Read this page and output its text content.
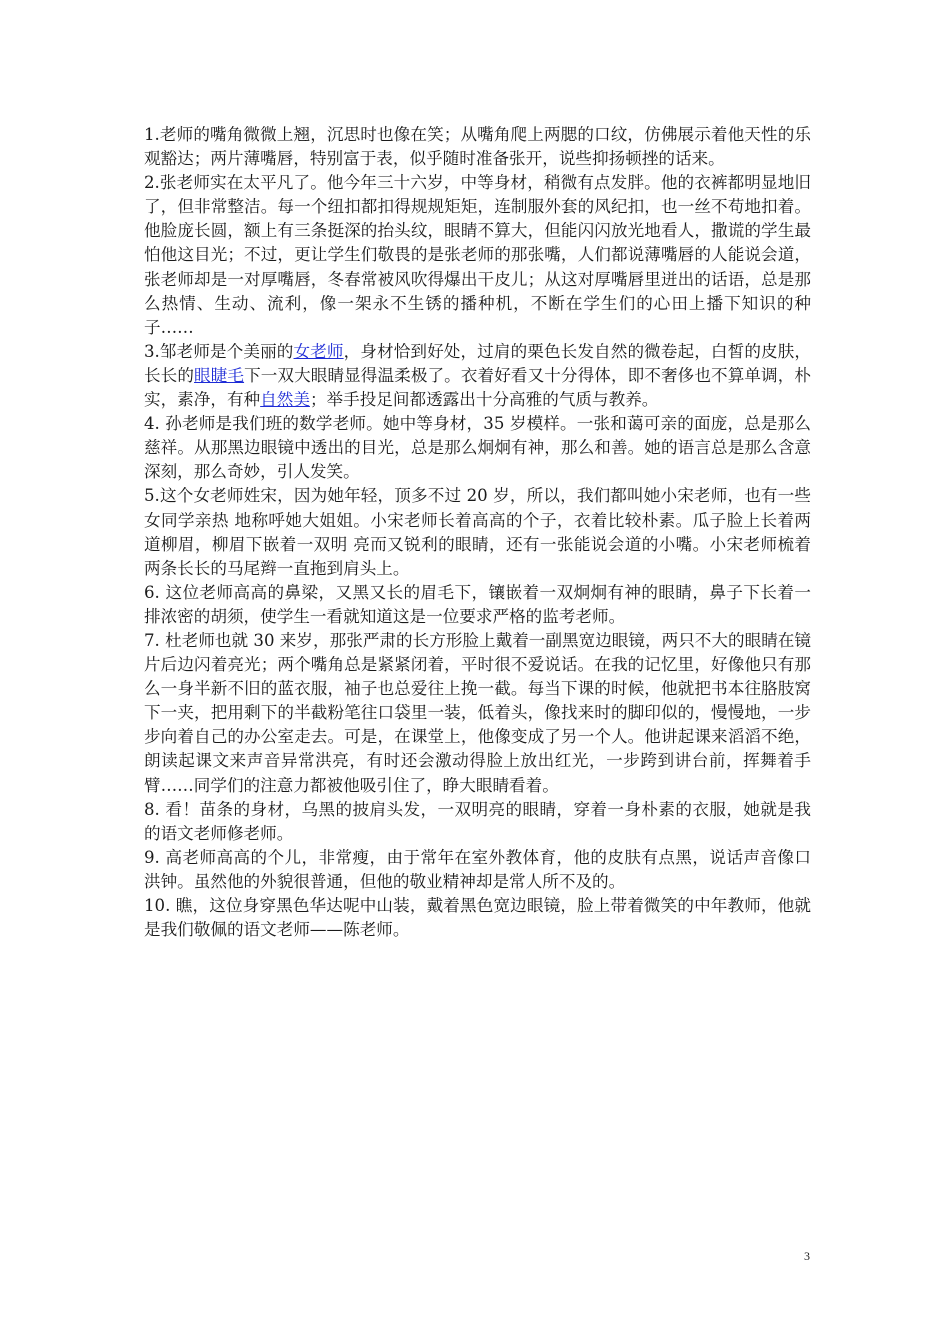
1.老师的嘴角微微上翘，沉思时也像在笑；从嘴角爬上两腮的口纹，仿佛展示着他天性的乐观豁达；两片薄嘴唇，特别富于表，似乎随时准备张开，说些抑扬顿挫的话来。

2.张老师实在太平凡了。他今年三十六岁，中等身材，稍微有点发胖。他的衣裤都明显地旧了，但非常整洁。每一个纽扣都扣得规规矩矩，连制服外套的风纪扣，也一丝不苟地扣着。他脸庞长圆，额上有三条挺深的抬头纹，眼睛不算大，但能闪闪放光地看人，撒谎的学生最怕他这目光；不过，更让学生们敬畏的是张老师的那张嘴，人们都说薄嘴唇的人能说会道，张老师却是一对厚嘴唇，冬春常被风吹得爆出干皮儿；从这对厚嘴唇里迸出的话语，总是那么热情、生动、流利，像一架永不生锈的播种机，不断在学生们的心田上播下知识的种子……

3.邹老师是个美丽的女老师，身材恰到好处，过肩的栗色长发自然的微卷起，白皙的皮肤，长长的眼睫毛下一双大眼睛显得温柔极了。衣着好看又十分得体，即不奢侈也不算单调，朴实，素净，有种自然美；举手投足间都透露出十分高雅的气质与教养。

4. 孙老师是我们班的数学老师。她中等身材，35 岁模样。一张和蔼可亲的面庞，总是那么慈祥。从那黑边眼镜中透出的目光，总是那么炯炯有神，那么和善。她的语言总是那么含意深刻，那么奇妙，引人发笑。

5.这个女老师姓宋，因为她年轻，顶多不过 20 岁，所以，我们都叫她小宋老师，也有一些女同学亲热 地称呼她大姐姐。小宋老师长着高高的个子，衣着比较朴素。瓜子脸上长着两道柳眉，柳眉下嵌着一双明 亮而又锐利的眼睛，还有一张能说会道的小嘴。小宋老师梳着两条长长的马尾辫一直拖到肩头上。

6. 这位老师高高的鼻梁，又黑又长的眉毛下，镶嵌着一双炯炯有神的眼睛，鼻子下长着一排浓密的胡须，使学生一看就知道这是一位要求严格的监考老师。

7. 杜老师也就 30 来岁，那张严肃的长方形脸上戴着一副黑宽边眼镜，两只不大的眼睛在镜片后边闪着亮光；两个嘴角总是紧紧闭着，平时很不爱说话。在我的记忆里，好像他只有那么一身半新不旧的蓝衣服，袖子也总爱往上挽一截。每当下课的时候，他就把书本往胳肢窝下一夹，把用剩下的半截粉笔往口袋里一装，低着头，像找来时的脚印似的，慢慢地，一步步向着自己的办公室走去。可是，在课堂上，他像变成了另一个人。他讲起课来滔滔不绝，朗读起课文来声音异常洪亮，有时还会激动得脸上放出红光，一步跨到讲台前，挥舞着手臂……同学们的注意力都被他吸引住了，睁大眼睛看着。

8. 看！苗条的身材，乌黑的披肩头发，一双明亮的眼睛，穿着一身朴素的衣服，她就是我的语文老师修老师。

9. 高老师高高的个儿，非常瘦，由于常年在室外教体育，他的皮肤有点黑，说话声音像口洪钟。虽然他的外貌很普通，但他的敬业精神却是常人所不及的。

10. 瞧，这位身穿黑色华达呢中山装，戴着黑色宽边眼镜，脸上带着微笑的中年教师，他就是我们敬佩的语文老师——陈老师。

3
